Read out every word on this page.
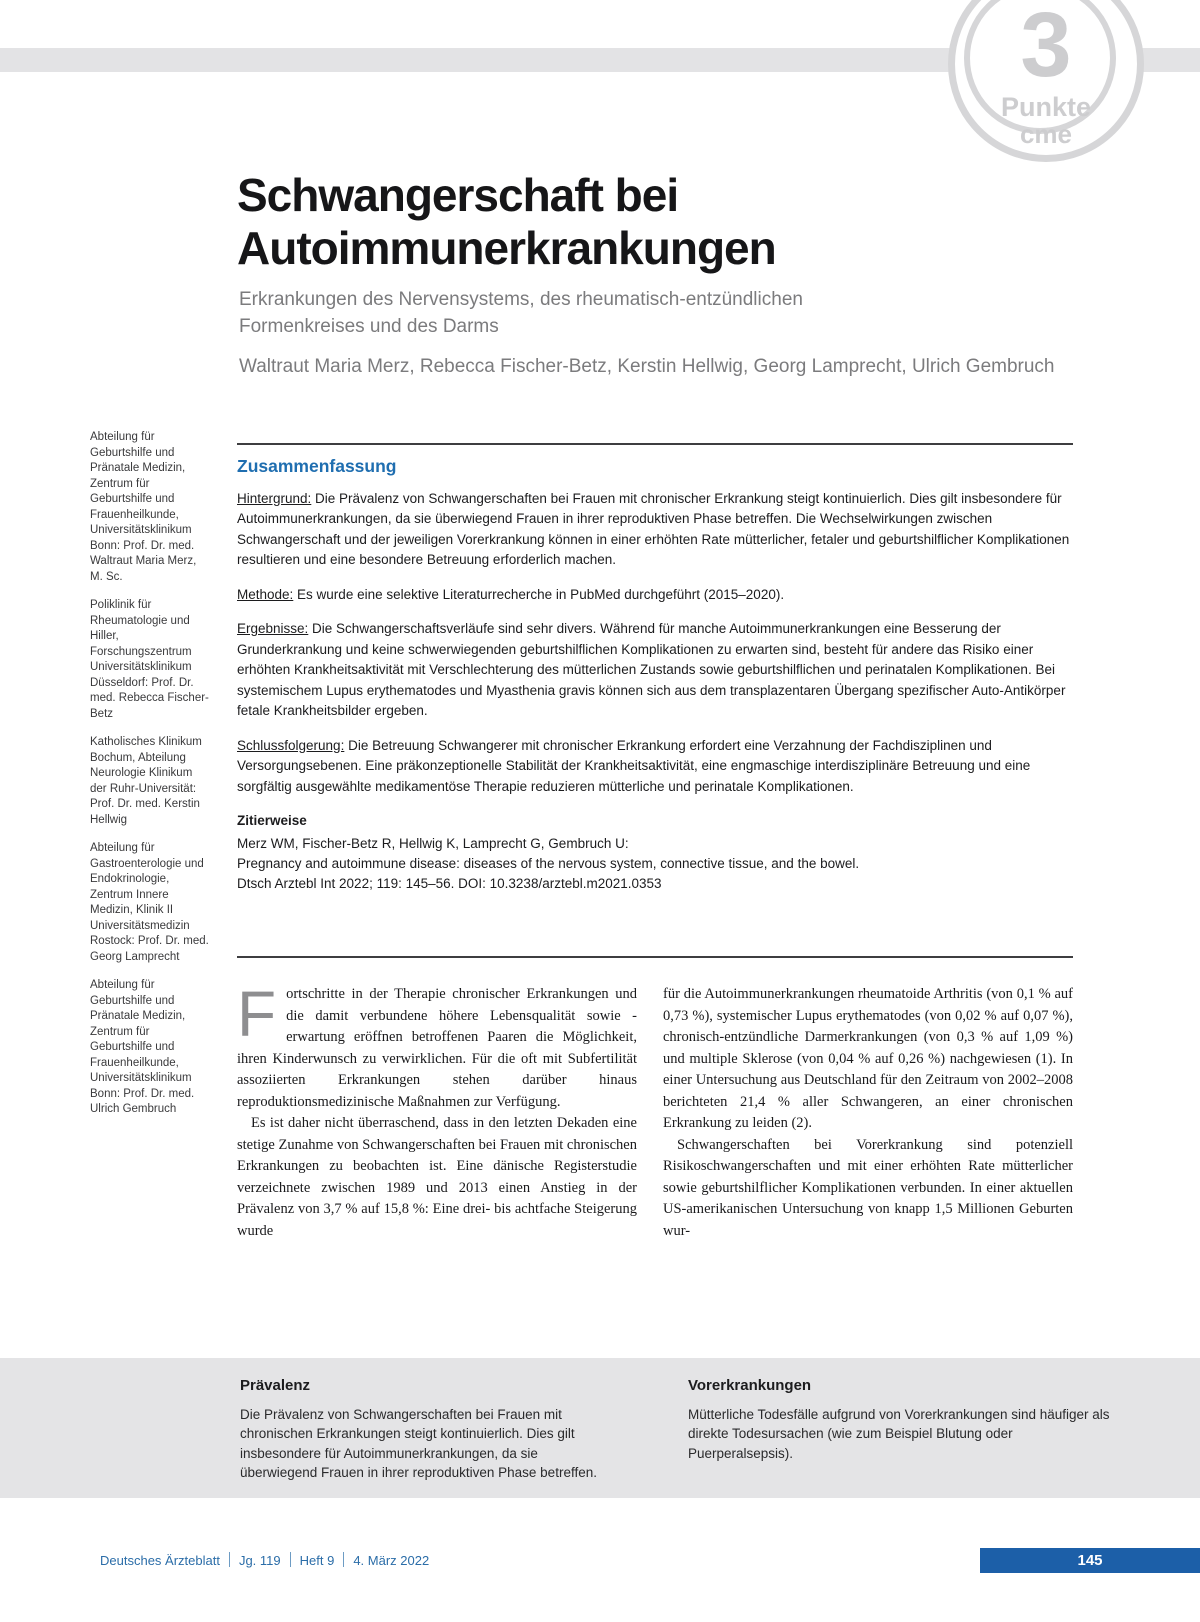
3
Punkte
cme
Schwangerschaft bei
Autoimmunerkrankungen
Erkrankungen des Nervensystems, des rheumatisch-entzündlichen Formenkreises und des Darms
Waltraut Maria Merz, Rebecca Fischer-Betz, Kerstin Hellwig, Georg Lamprecht, Ulrich Gembruch
Abteilung für Geburtshilfe und Pränatale Medizin, Zentrum für Geburtshilfe und Frauenheilkunde, Universitätsklinikum Bonn: Prof. Dr. med. Waltraut Maria Merz, M. Sc.
Poliklinik für Rheumatologie und Hiller, Forschungszentrum Universitätsklinikum Düsseldorf: Prof. Dr. med. Rebecca Fischer-Betz
Katholisches Klinikum Bochum, Abteilung Neurologie Klinikum der Ruhr-Universität: Prof. Dr. med. Kerstin Hellwig
Abteilung für Gastroenterologie und Endokrinologie, Zentrum Innere Medizin, Klinik II Universitätsmedizin Rostock: Prof. Dr. med. Georg Lamprecht
Abteilung für Geburtshilfe und Pränatale Medizin, Zentrum für Geburtshilfe und Frauenheilkunde, Universitätsklinikum Bonn: Prof. Dr. med. Ulrich Gembruch
Zusammenfassung

Hintergrund: Die Prävalenz von Schwangerschaften bei Frauen mit chronischer Erkrankung steigt kontinuierlich. Dies gilt insbesondere für Autoimmunerkrankungen, da sie überwiegend Frauen in ihrer reproduktiven Phase betreffen. Die Wechselwirkungen zwischen Schwangerschaft und der jeweiligen Vorerkrankung können in einer erhöhten Rate mütterlicher, fetaler und geburtshilflicher Komplikationen resultieren und eine besondere Betreuung erforderlich machen.

Methode: Es wurde eine selektive Literaturrecherche in PubMed durchgeführt (2015–2020).

Ergebnisse: Die Schwangerschaftsverläufe sind sehr divers. Während für manche Autoimmunerkrankungen eine Besserung der Grunderkrankung und keine schwerwiegenden geburtshilflichen Komplikationen zu erwarten sind, besteht für andere das Risiko einer erhöhten Krankheitsaktivität mit Verschlechterung des mütterlichen Zustands sowie geburtshilflichen und perinatalen Komplikationen. Bei systemischem Lupus erythematodes und Myasthenia gravis können sich aus dem transplazentaren Übergang spezifischer Auto-Antikörper fetale Krankheitsbilder ergeben.

Schlussfolgerung: Die Betreuung Schwangerer mit chronischer Erkrankung erfordert eine Verzahnung der Fachdisziplinen und Versorgungsebenen. Eine präkonzeptionelle Stabilität der Krankheitsaktivität, eine engmaschige interdisziplinäre Betreuung und eine sorgfältig ausgewählte medikamentöse Therapie reduzieren mütterliche und perinatale Komplikationen.

Zitierweise
Merz WM, Fischer-Betz R, Hellwig K, Lamprecht G, Gembruch U:
Pregnancy and autoimmune disease: diseases of the nervous system, connective tissue, and the bowel.
Dtsch Arztebl Int 2022; 119: 145–56. DOI: 10.3238/arztebl.m2021.0353

Fortschritte in der Therapie chronischer Erkrankungen und die damit verbundene höhere Lebensqualität sowie -erwartung eröffnen betroffenen Paaren die Möglichkeit, ihren Kinderwunsch zu verwirklichen. Für die oft mit Subfertilität assoziierten Erkrankungen stehen darüber hinaus reproduktionsmedizinische Maßnahmen zur Verfügung.

Es ist daher nicht überraschend, dass in den letzten Dekaden eine stetige Zunahme von Schwangerschaften bei Frauen mit chronischen Erkrankungen zu beobachten ist. Eine dänische Registerstudie verzeichnete zwischen 1989 und 2013 einen Anstieg in der Prävalenz von 3,7 % auf 15,8 %: Eine drei- bis achtfache Steigerung wurde

für die Autoimmunerkrankungen rheumatoide Arthritis (von 0,1 % auf 0,73 %), systemischer Lupus erythematodes (von 0,02 % auf 0,07 %), chronisch-entzündliche Darmerkrankungen (von 0,3 % auf 1,09 %) und multiple Sklerose (von 0,04 % auf 0,26 %) nachgewiesen (1). In einer Untersuchung aus Deutschland für den Zeitraum von 2002–2008 berichteten 21,4 % aller Schwangeren, an einer chronischen Erkrankung zu leiden (2).

Schwangerschaften bei Vorerkrankung sind potenziell Risikoschwangerschaften und mit einer erhöhten Rate mütterlicher sowie geburtshilflicher Komplikationen verbunden. In einer aktuellen US-amerikanischen Untersuchung von knapp 1,5 Millionen Geburten wur-

Prävalenz
Die Prävalenz von Schwangerschaften bei Frauen mit chronischen Erkrankungen steigt kontinuierlich. Dies gilt insbesondere für Autoimmunerkrankungen, da sie überwiegend Frauen in ihrer reproduktiven Phase betreffen.
Vorerkrankungen
Mütterliche Todesfälle aufgrund von Vorerkrankungen sind häufiger als direkte Todesursachen (wie zum Beispiel Blutung oder Puerperalsepsis).
Deutsches Ärzteblatt Jg. 119 Heft 9 4. März 2022	145
